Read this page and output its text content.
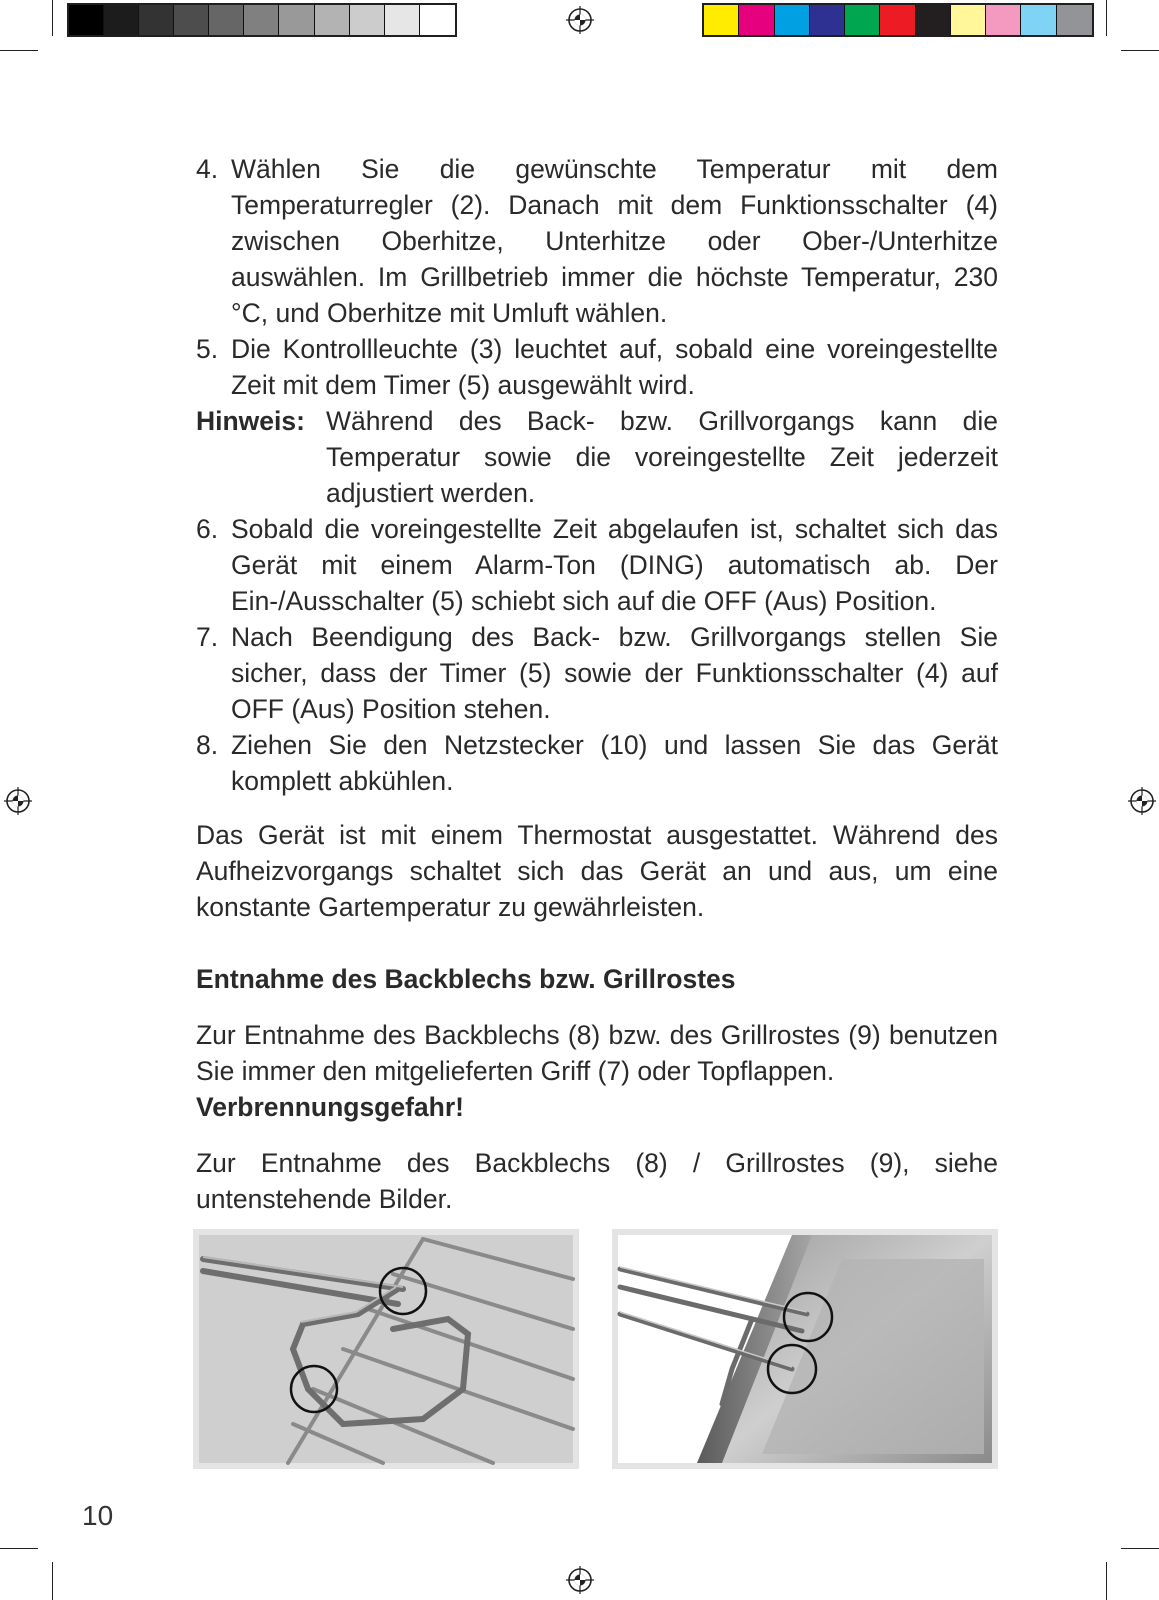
4. Wählen Sie die gewünschte Temperatur mit dem Temperaturregler (2). Danach mit dem Funktionsschalter (4) zwischen Oberhitze, Unterhitze oder Ober-/Unterhitze auswählen. Im Grillbetrieb immer die höchste Temperatur, 230 °C, und Oberhitze mit Umluft wählen.
5. Die Kontrollleuchte (3) leuchtet auf, sobald eine voreingestellte Zeit mit dem Timer (5) ausgewählt wird.
Hinweis: Während des Back- bzw. Grillvorgangs kann die Temperatur sowie die voreingestellte Zeit jederzeit adjustiert werden.
6. Sobald die voreingestellte Zeit abgelaufen ist, schaltet sich das Gerät mit einem Alarm-Ton (DING) automatisch ab. Der Ein-/Ausschalter (5) schiebt sich auf die OFF (Aus) Position.
7. Nach Beendigung des Back- bzw. Grillvorgangs stellen Sie sicher, dass der Timer (5) sowie der Funktionsschalter (4) auf OFF (Aus) Position stehen.
8. Ziehen Sie den Netzstecker (10) und lassen Sie das Gerät komplett abkühlen.
Das Gerät ist mit einem Thermostat ausgestattet. Während des Aufheizvorgangs schaltet sich das Gerät an und aus, um eine konstante Gartemperatur zu gewährleisten.
Entnahme des Backblechs bzw. Grillrostes
Zur Entnahme des Backblechs (8) bzw. des Grillrostes (9) benutzen Sie immer den mitgelieferten Griff (7) oder Topflappen.
Verbrennungsgefahr!
Zur Entnahme des Backblechs (8) / Grillrostes (9), siehe untenstehende Bilder.
10
